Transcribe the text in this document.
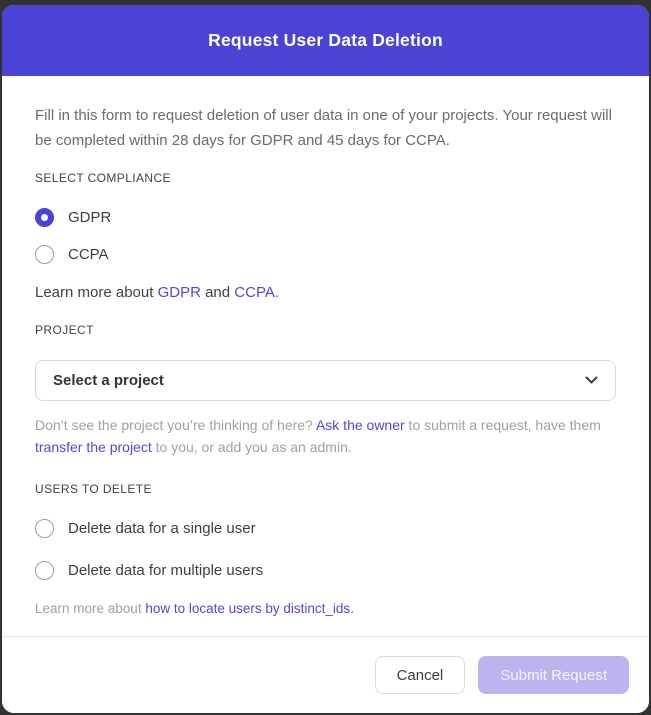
Request User Data Deletion

Fill in this form to request deletion of user data in one of your projects. Your request will be completed within 28 days for GDPR and 45 days for CCPA.

SELECT COMPLIANCE
GDPR
CCPA

Learn more about GDPR and CCPA.

PROJECT
Select a project

Don’t see the project you’re thinking of here? Ask the owner to submit a request, have them transfer the project to you, or add you as an admin.

USERS TO DELETE
Delete data for a single user
Delete data for multiple users

Learn more about how to locate users by distinct_ids.

Cancel	Submit Request
